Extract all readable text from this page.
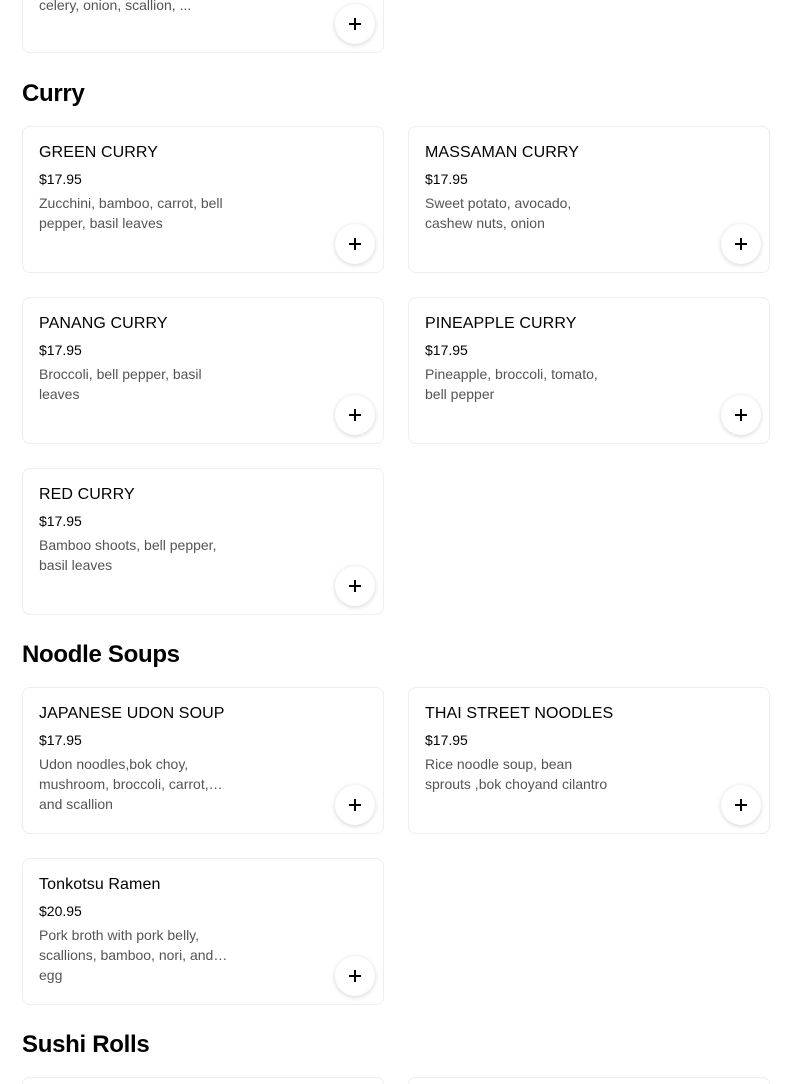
celery, onion, scallion, ...
Curry
GREEN CURRY
$17.95
Zucchini, bamboo, carrot, bell pepper, basil leaves
MASSAMAN CURRY
$17.95
Sweet potato, avocado, cashew nuts, onion
PANANG CURRY
$17.95
Broccoli, bell pepper, basil leaves
PINEAPPLE CURRY
$17.95
Pineapple, broccoli, tomato, bell pepper
RED CURRY
$17.95
Bamboo shoots, bell pepper, basil leaves
Noodle Soups
JAPANESE UDON SOUP
$17.95
Udon noodles,bok choy, mushroom, broccoli, carrot, and scallion
THAI STREET NOODLES
$17.95
Rice noodle soup, bean sprouts ,bok choyand cilantro
Tonkotsu Ramen
$20.95
Pork broth with pork belly, scallions, bamboo, nori, and egg
Sushi Rolls
